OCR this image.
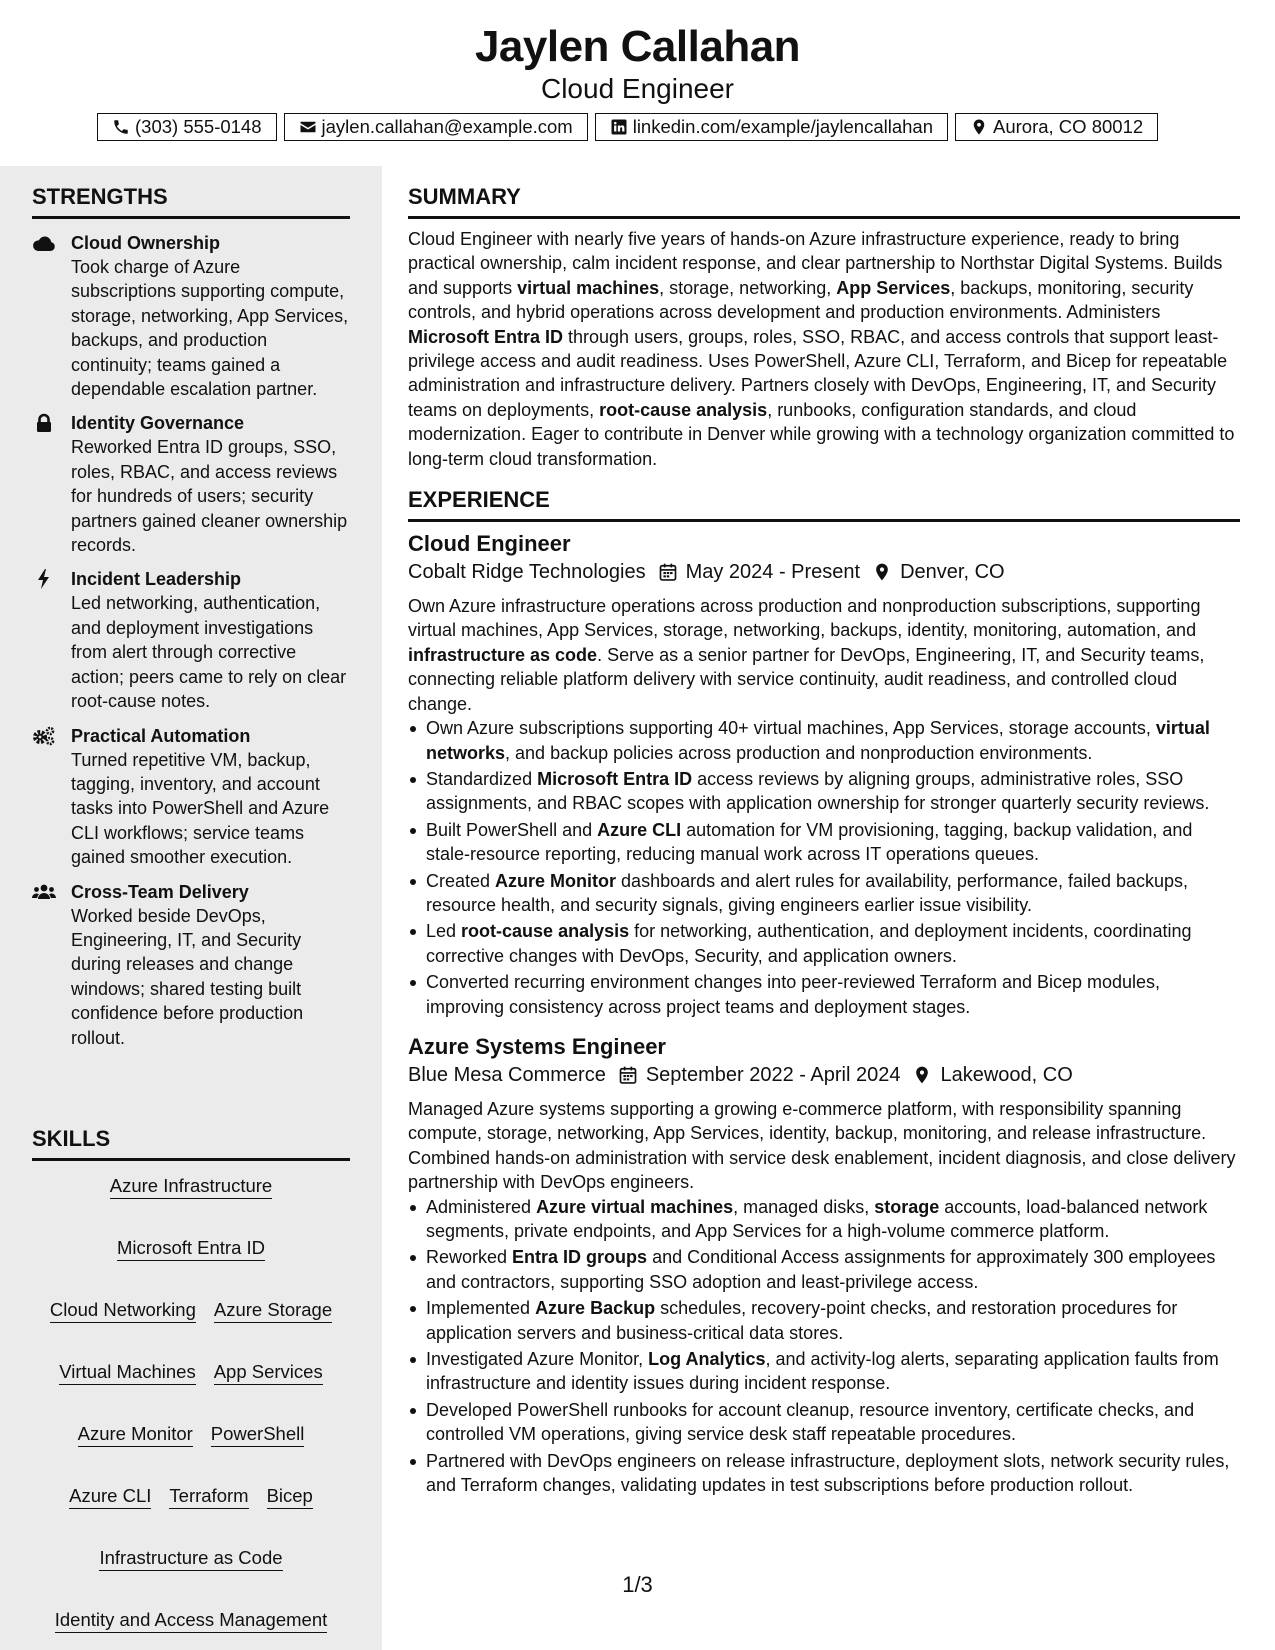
Jaylen Callahan
Cloud Engineer
(303) 555-0148	jaylen.callahan@example.com	linkedin.com/example/jaylencallahan	Aurora, CO 80012
STRENGTHS
Cloud Ownership
Took charge of Azure subscriptions supporting compute, storage, networking, App Services, backups, and production continuity; teams gained a dependable escalation partner.
Identity Governance
Reworked Entra ID groups, SSO, roles, RBAC, and access reviews for hundreds of users; security partners gained cleaner ownership records.
Incident Leadership
Led networking, authentication, and deployment investigations from alert through corrective action; peers came to rely on clear root-cause notes.
Practical Automation
Turned repetitive VM, backup, tagging, inventory, and account tasks into PowerShell and Azure CLI workflows; service teams gained smoother execution.
Cross-Team Delivery
Worked beside DevOps, Engineering, IT, and Security during releases and change windows; shared testing built confidence before production rollout.
SKILLS
Azure Infrastructure
Microsoft Entra ID
Cloud Networking Azure Storage
Virtual Machines App Services
Azure Monitor PowerShell
Azure CLI Terraform Bicep
Infrastructure as Code
Identity and Access Management
SUMMARY

Cloud Engineer with nearly five years of hands-on Azure infrastructure experience, ready to bring practical ownership, calm incident response, and clear partnership to Northstar Digital Systems. Builds and supports virtual machines, storage, networking, App Services, backups, monitoring, security controls, and hybrid operations across development and production environments. Administers Microsoft Entra ID through users, groups, roles, SSO, RBAC, and access controls that support least-privilege access and audit readiness. Uses PowerShell, Azure CLI, Terraform, and Bicep for repeatable administration and infrastructure delivery. Partners closely with DevOps, Engineering, IT, and Security teams on deployments, root-cause analysis, runbooks, configuration standards, and cloud modernization. Eager to contribute in Denver while growing with a technology organization committed to long-term cloud transformation.

EXPERIENCE
Cloud Engineer
Cobalt Ridge Technologies May 2024 - Present Denver, CO

Own Azure infrastructure operations across production and nonproduction subscriptions, supporting virtual machines, App Services, storage, networking, backups, identity, monitoring, automation, and infrastructure as code. Serve as a senior partner for DevOps, Engineering, IT, and Security teams, connecting reliable platform delivery with service continuity, audit readiness, and controlled cloud change.

Own Azure subscriptions supporting 40+ virtual machines, App Services, storage accounts, virtual networks, and backup policies across production and nonproduction environments.
Standardized Microsoft Entra ID access reviews by aligning groups, administrative roles, SSO assignments, and RBAC scopes with application ownership for stronger quarterly security reviews.
Built PowerShell and Azure CLI automation for VM provisioning, tagging, backup validation, and stale-resource reporting, reducing manual work across IT operations queues.
Created Azure Monitor dashboards and alert rules for availability, performance, failed backups, resource health, and security signals, giving engineers earlier issue visibility.
Led root-cause analysis for networking, authentication, and deployment incidents, coordinating corrective changes with DevOps, Security, and application owners.
Converted recurring environment changes into peer-reviewed Terraform and Bicep modules, improving consistency across project teams and deployment stages.
Azure Systems Engineer
Blue Mesa Commerce September 2022 - April 2024 Lakewood, CO

Managed Azure systems supporting a growing e-commerce platform, with responsibility spanning compute, storage, networking, App Services, identity, backup, monitoring, and release infrastructure. Combined hands-on administration with service desk enablement, incident diagnosis, and close delivery partnership with DevOps engineers.

Administered Azure virtual machines, managed disks, storage accounts, load-balanced network segments, private endpoints, and App Services for a high-volume commerce platform.
Reworked Entra ID groups and Conditional Access assignments for approximately 300 employees and contractors, supporting SSO adoption and least-privilege access.
Implemented Azure Backup schedules, recovery-point checks, and restoration procedures for application servers and business-critical data stores.
Investigated Azure Monitor, Log Analytics, and activity-log alerts, separating application faults from infrastructure and identity issues during incident response.
Developed PowerShell runbooks for account cleanup, resource inventory, certificate checks, and controlled VM operations, giving service desk staff repeatable procedures.
Partnered with DevOps engineers on release infrastructure, deployment slots, network security rules, and Terraform changes, validating updates in test subscriptions before production rollout.
1/3
